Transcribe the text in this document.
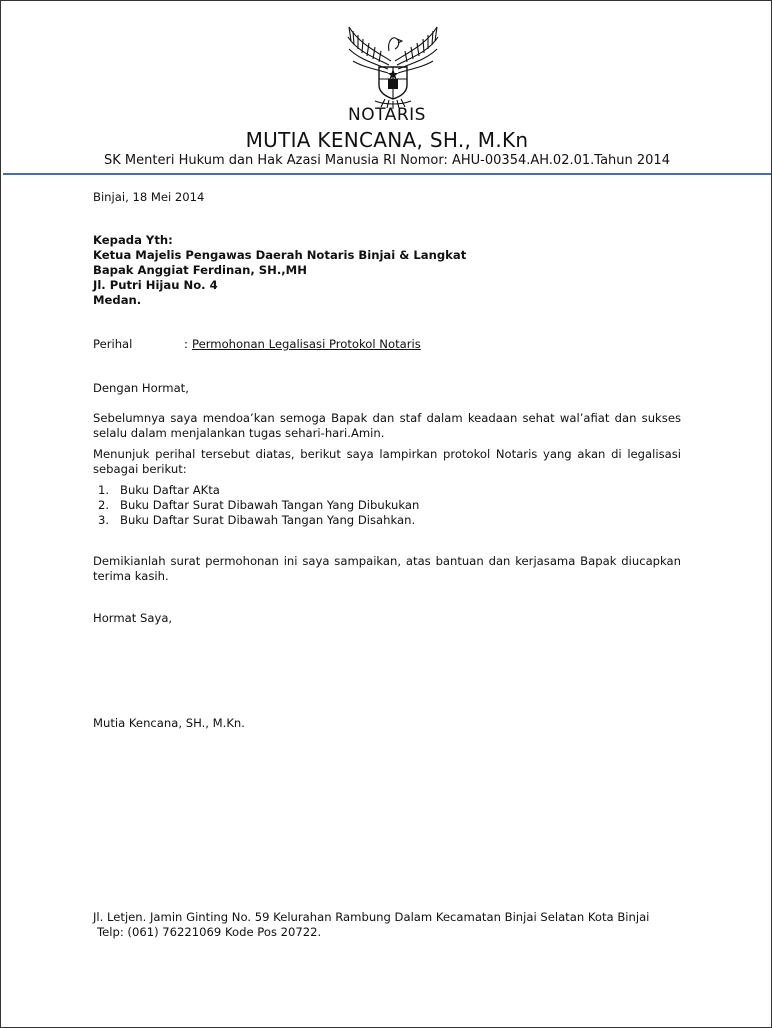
NOTARIS
MUTIA KENCANA, SH., M.Kn
SK Menteri Hukum dan Hak Azasi Manusia RI Nomor: AHU-00354.AH.02.01.Tahun 2014
Binjai, 18 Mei 2014
Kepada Yth:
Ketua Majelis Pengawas Daerah Notaris Binjai & Langkat
Bapak Anggiat Ferdinan, SH.,MH
Jl. Putri Hijau No. 4
Medan.
Perihal	: Permohonan Legalisasi Protokol Notaris
Dengan Hormat,
Sebelumnya saya mendoa’kan semoga Bapak dan staf dalam keadaan sehat wal’afiat dan sukses selalu dalam menjalankan tugas sehari-hari.Amin.
Menunjuk perihal tersebut diatas, berikut saya lampirkan protokol Notaris yang akan di legalisasi sebagai berikut:
1. Buku Daftar AKta
2. Buku Daftar Surat Dibawah Tangan Yang Dibukukan
3. Buku Daftar Surat Dibawah Tangan Yang Disahkan.
Demikianlah surat permohonan ini saya sampaikan, atas bantuan dan kerjasama Bapak diucapkan terima kasih.
Hormat Saya,
Mutia Kencana, SH., M.Kn.
Jl. Letjen. Jamin Ginting No. 59 Kelurahan Rambung Dalam Kecamatan Binjai Selatan Kota Binjai
Telp: (061) 76221069 Kode Pos 20722.
